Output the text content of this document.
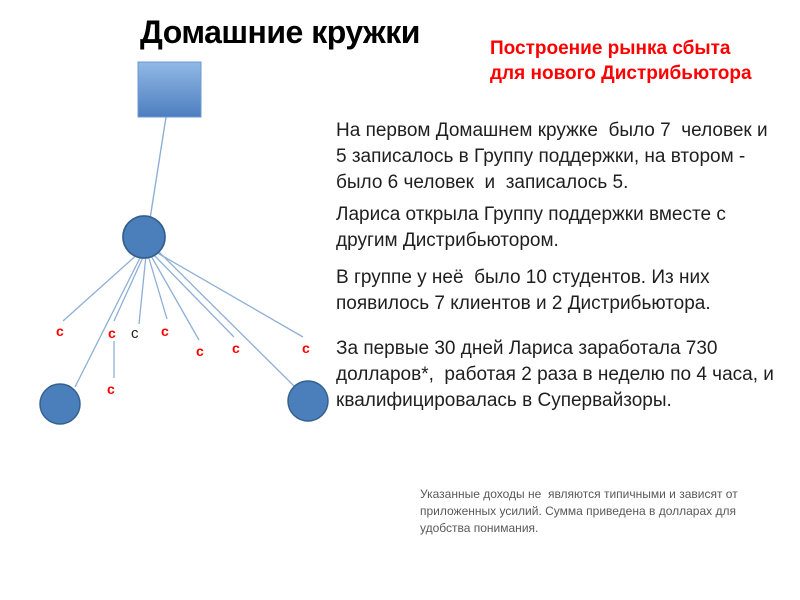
Домашние кружки	Построение рынка сбыта
для нового Дистрибьютора
с	с с с
с с	с
с

На первом Домашнем кружке  было 7  человек и 5 записалось в Группу поддержки, на втором -  было 6 человек  и  записалось 5.

Лариса открыла Группу поддержки вместе с другим Дистрибьютором.

В группе у неё  было 10 студентов. Из них появилось 7 клиентов и 2 Дистрибьютора.

За первые 30 дней Лариса заработала 730 долларов*,  работая 2 раза в неделю по 4 часа, и квалифицировалась в Супервайзоры.

Указанные доходы не  являются типичными и зависят от приложенных усилий. Сумма приведена в долларах для удобства понимания.
